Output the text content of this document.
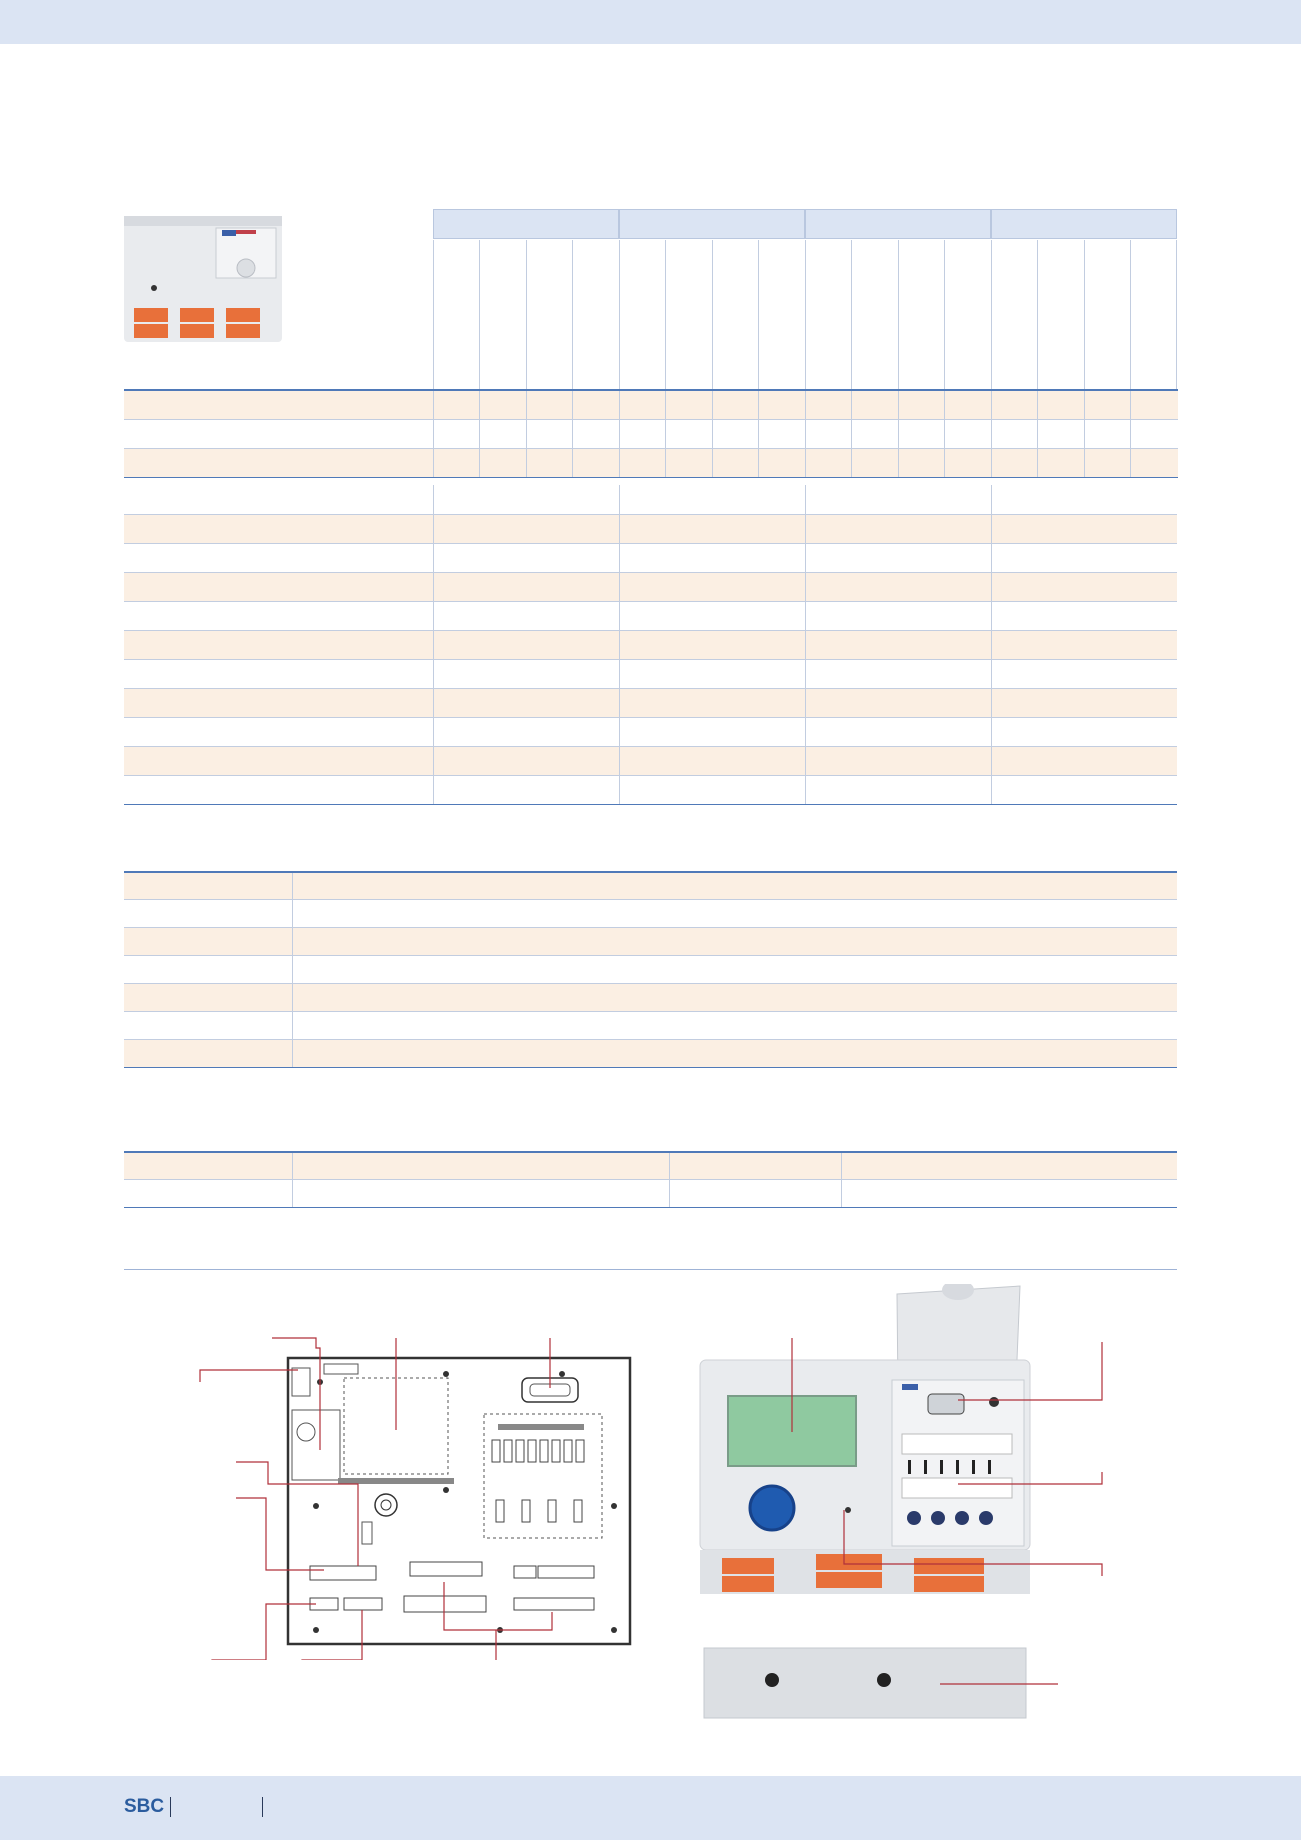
SBC
